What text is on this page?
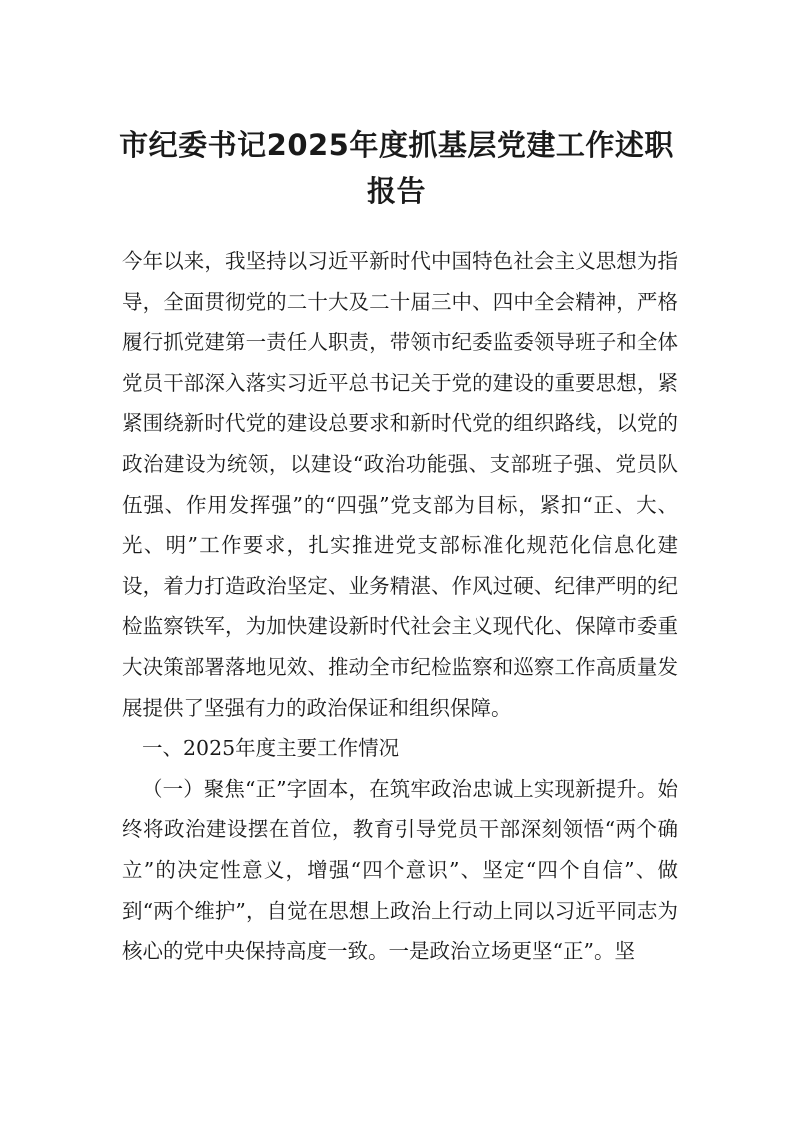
市纪委书记2025年度抓基层党建工作述职报告

今年以来，我坚持以习近平新时代中国特色社会主义思想为指导，全面贯彻党的二十大及二十届三中、四中全会精神，严格履行抓党建第一责任人职责，带领市纪委监委领导班子和全体党员干部深入落实习近平总书记关于党的建设的重要思想，紧紧围绕新时代党的建设总要求和新时代党的组织路线，以党的政治建设为统领，以建设“政治功能强、支部班子强、党员队伍强、作用发挥强”的“四强”党支部为目标，紧扣“正、大、光、明”工作要求，扎实推进党支部标准化规范化信息化建设，着力打造政治坚定、业务精湛、作风过硬、纪律严明的纪检监察铁军，为加快建设新时代社会主义现代化、保障市委重大决策部署落地见效、推动全市纪检监察和巡察工作高质量发展提供了坚强有力的政治保证和组织保障。

一、2025年度主要工作情况

（一）聚焦“正”字固本，在筑牢政治忠诚上实现新提升。始终将政治建设摆在首位，教育引导党员干部深刻领悟“两个确立”的决定性意义，增强“四个意识”、坚定“四个自信”、做到“两个维护”，自觉在思想上政治上行动上同以习近平同志为核心的党中央保持高度一致。一是政治立场更坚“正”。坚
